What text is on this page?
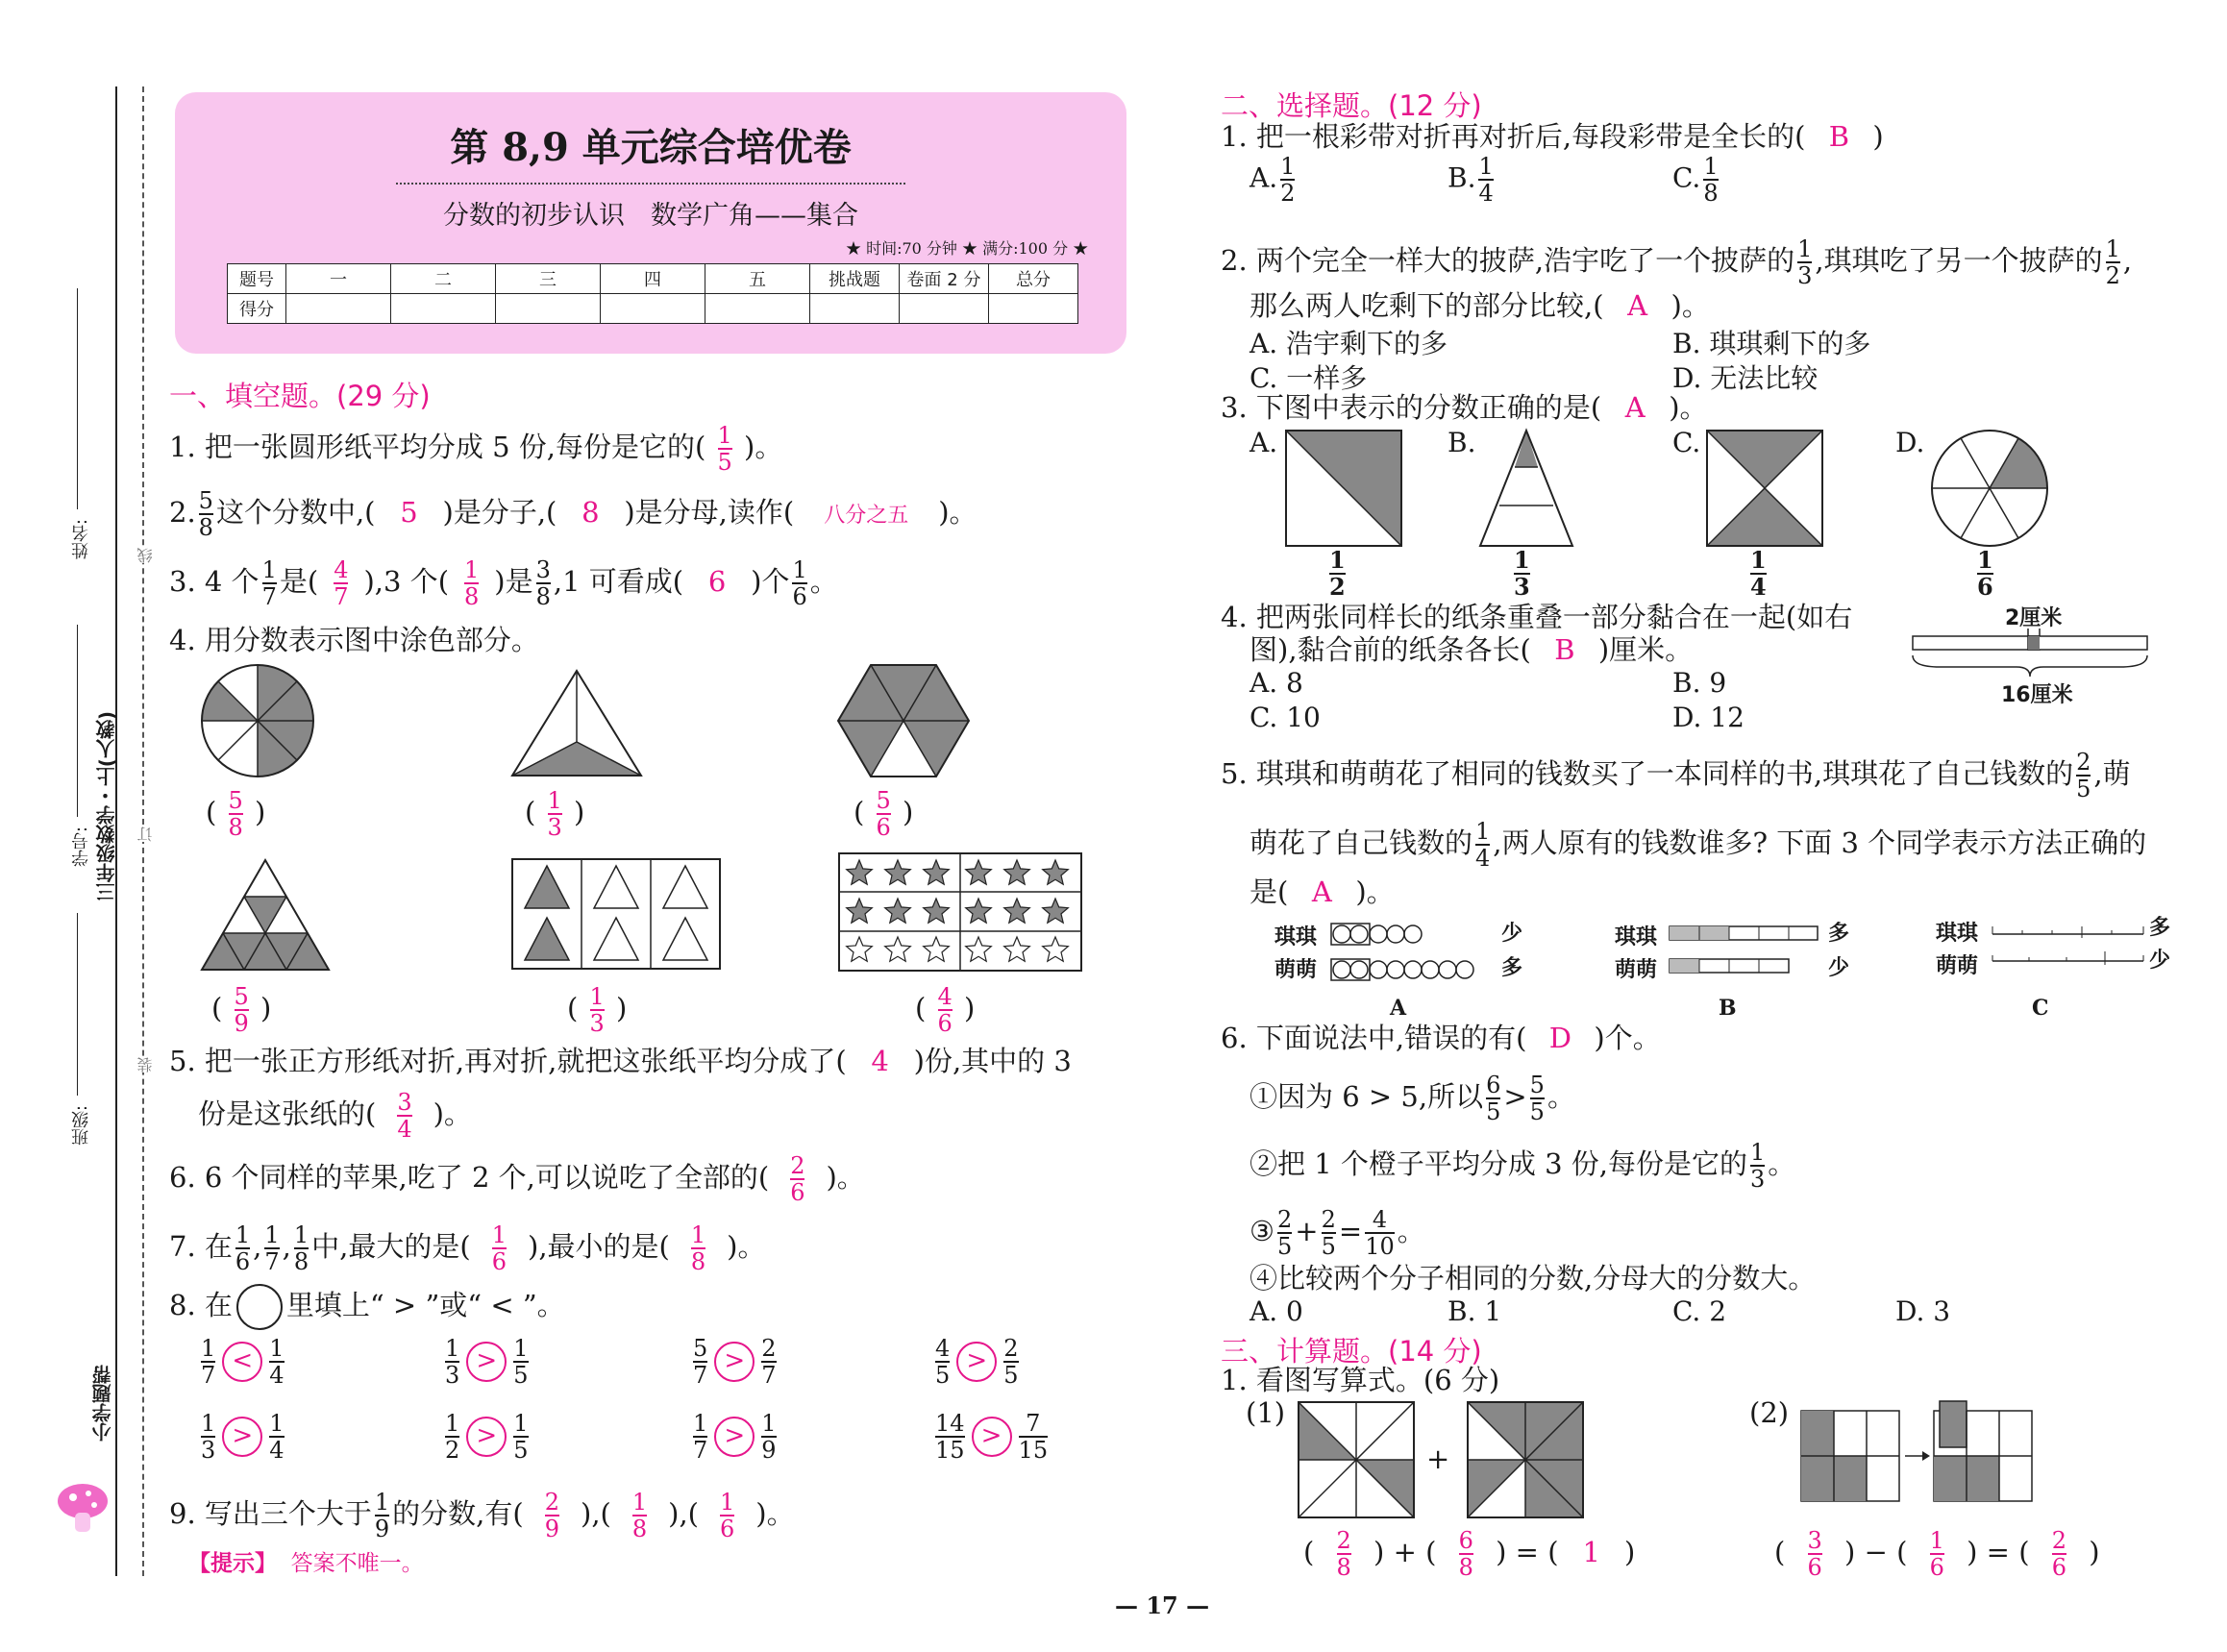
姓名:
学号:
班级:
三年级数学・上(人教)
线
订
装
小学题帮
第 8,9 单元综合培优卷
分数的初步认识　数学广角——集合
★ 时间:70 分钟 ★ 满分:100 分 ★
题号	一	二	三	四	五	挑战题	卷面 2 分	总分
得分								
一、填空题。(29 分)
1. 把一张圆形纸平均分成 5 份,每份是它的( $\frac{1}{5}$ )。
2. $\frac{5}{8}$ 这个分数中,( 5 )是分子,( 8 )是分母,读作( 八分之五 )。
3. 4 个 $\frac{1}{7}$ 是( $\frac{4}{7} ),3$ 个( $\frac{1}{8}$ )是 $\frac{3}{8} ,1$ 可看成( 6 )个 $\frac{1}{6}$ 。
4. 用分数表示图中涂色部分。
( $\frac{5}{8}$ )	( $\frac{1}{3}$ )	( $\frac{5}{6}$ )
( $\frac{5}{9}$ )	( $\frac{1}{3}$ )	( $\frac{4}{6}$ )
5. 把一张正方形纸对折,再对折,就把这张纸平均分成了( 4 )份,其中的 3
份是这张纸的( $\frac{3}{4}$ )。
6. 6 个同样的苹果,吃了 2 个,可以说吃了全部的( $\frac{2}{6}$ )。
7. 在 $\frac{1}{6}$ , $\frac{1}{7}$ , $\frac{1}{8}$ 中,最大的是( $\frac{1}{6}$ ),最小的是( $\frac{1}{8}$ )。
8. 在 里填上“ > ”或“ < ”。
$\frac{1}{7} < \frac{1}{4}$	$\frac{1}{3} > \frac{1}{5}$	$\frac{5}{7} > \frac{2}{7}$	$\frac{4}{5} > \frac{2}{5}$
$\frac{1}{3} > \frac{1}{4}$	$\frac{1}{2} > \frac{1}{5}$	$\frac{1}{7} > \frac{1}{9}$	$\frac{14}{15} > \frac{7}{15}$
9. 写出三个大于 $\frac{1}{9}$ 的分数,有( $\frac{2}{9}$ ),( $\frac{1}{8}$ ),( $\frac{1}{6}$ )。
【提示】 答案不唯一。
二、选择题。(12 分)
1. 把一根彩带对折再对折后,每段彩带是全长的( B )
A. $\frac{1}{2}$	B. $\frac{1}{4}$	C. $\frac{1}{8}$
2. 两个完全一样大的披萨,浩宇吃了一个披萨的 $\frac{1}{3}$ ,琪琪吃了另一个披萨的 $\frac{1}{2}$ ,
那么两人吃剩下的部分比较,( A )。
A. 浩宇剩下的多	B. 琪琪剩下的多
C. 一样多	D. 无法比较
3. 下图中表示的分数正确的是( A )。
A.	B.	C.	D.
$\frac{1}{2}$	$\frac{1}{3}$	$\frac{1}{4}$	$\frac{1}{6}$
4. 把两张同样长的纸条重叠一部分黏合在一起(如右
图),黏合前的纸条各长( B )厘米。
A. 8	B. 9
C. 10	D. 12
2厘米
16厘米
5. 琪琪和萌萌花了相同的钱数买了一本同样的书,琪琪花了自己钱数的 $\frac{2}{5}$ ,萌
萌花了自己钱数的 $\frac{1}{4}$ ,两人原有的钱数谁多? 下面 3 个同学表示方法正确的
是( A )。
琪琪
萌萌
少
多
A
琪琪
萌萌
多
少
B
琪琪
萌萌
多
少
C
6. 下面说法中,错误的有( D )个。
①因为 6 > 5,所以 $\frac{6}{5} > \frac{5}{5}$ 。
②把 1 个橙子平均分成 3 份,每份是它的 $\frac{1}{3}$ 。
③ $\frac{2}{5} + \frac{2}{5} = \frac{4}{10}$ 。
④比较两个分子相同的分数,分母大的分数大。
A. 0	B. 1	C. 2	D. 3
三、计算题。(14 分)
1. 看图写算式。(6 分)
(1)	(2)
+
( $\frac{2}{8}$ ) + ( $\frac{6}{8}$ ) = ( 1 )	( $\frac{3}{6}$ ) − ( $\frac{1}{6}$ ) = ( $\frac{2}{6}$ )
— 17 —
